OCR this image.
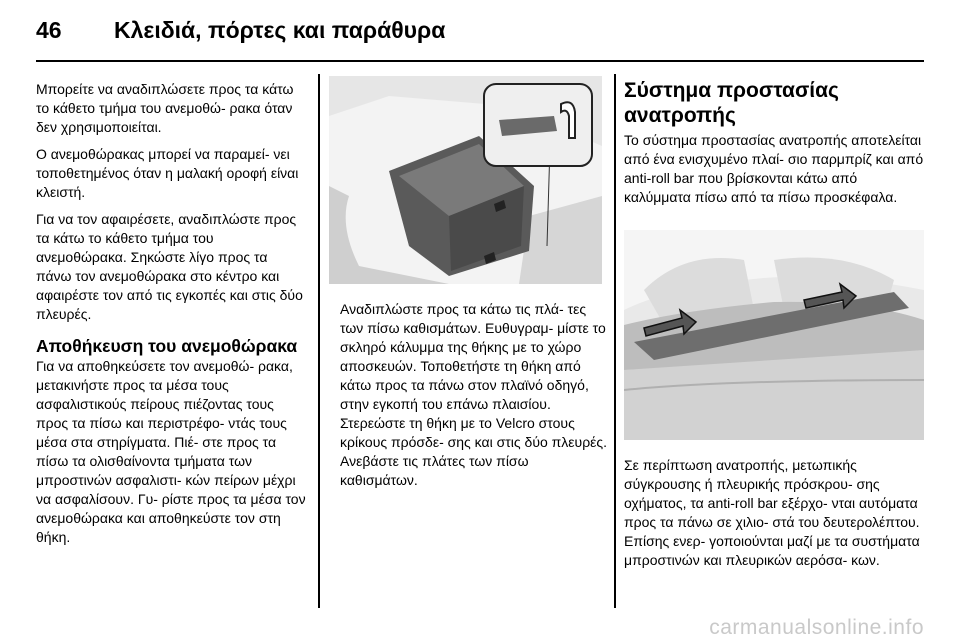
46 Κλειδιά, πόρτες και παράθυρα

Μπορείτε να αναδιπλώσετε προς τα κάτω το κάθετο τμήμα του ανεμοθώ‐ ρακα όταν δεν χρησιμοποιείται.

Ο ανεμοθώρακας μπορεί να παραμεί‐ νει τοποθετημένος όταν η μαλακή οροφή είναι κλειστή.

Για να τον αφαιρέσετε, αναδιπλώστε προς τα κάτω το κάθετο τμήμα του ανεμοθώρακα. Σηκώστε λίγο προς τα πάνω τον ανεμοθώρακα στο κέντρο και αφαιρέστε τον από τις εγκοπές και στις δύο πλευρές.

Αποθήκευση του ανεμοθώρακα

Για να αποθηκεύσετε τον ανεμοθώ‐ ρακα, μετακινήστε προς τα μέσα τους ασφαλιστικούς πείρους πιέζοντας τους προς τα πίσω και περιστρέφο‐ ντάς τους μέσα στα στηρίγματα. Πιέ‐ στε προς τα πίσω τα ολισθαίνοντα τμήματα των μπροστινών ασφαλιστι‐ κών πείρων μέχρι να ασφαλίσουν. Γυ‐ ρίστε προς τα μέσα τον ανεμοθώρακα και αποθηκεύστε τον στη θήκη.

Αναδιπλώστε προς τα κάτω τις πλά‐ τες των πίσω καθισμάτων. Ευθυγραμ‐ μίστε το σκληρό κάλυμμα της θήκης με το χώρο αποσκευών. Τοποθετήστε τη θήκη από κάτω προς τα πάνω στον πλαϊνό οδηγό, στην εγκοπή του επάνω πλαισίου. Στερεώστε τη θήκη με το Velcro στους κρίκους πρόσδε‐ σης και στις δύο πλευρές. Ανεβάστε τις πλάτες των πίσω καθισμάτων.

Σύστημα προστασίας ανατροπής

Το σύστημα προστασίας ανατροπής αποτελείται από ένα ενισχυμένο πλαί‐ σιο παρμπρίζ και από anti-roll bar που βρίσκονται κάτω από καλύμματα πίσω από τα πίσω προσκέφαλα.

Σε περίπτωση ανατροπής, μετωπικής σύγκρουσης ή πλευρικής πρόσκρου‐ σης οχήματος, τα anti-roll bar εξέρχο‐ νται αυτόματα προς τα πάνω σε χιλιο‐ στά του δευτερολέπτου. Επίσης ενερ‐ γοποιούνται μαζί με τα συστήματα μπροστινών και πλευρικών αερόσα‐ κων.

carmanualsonline.info
